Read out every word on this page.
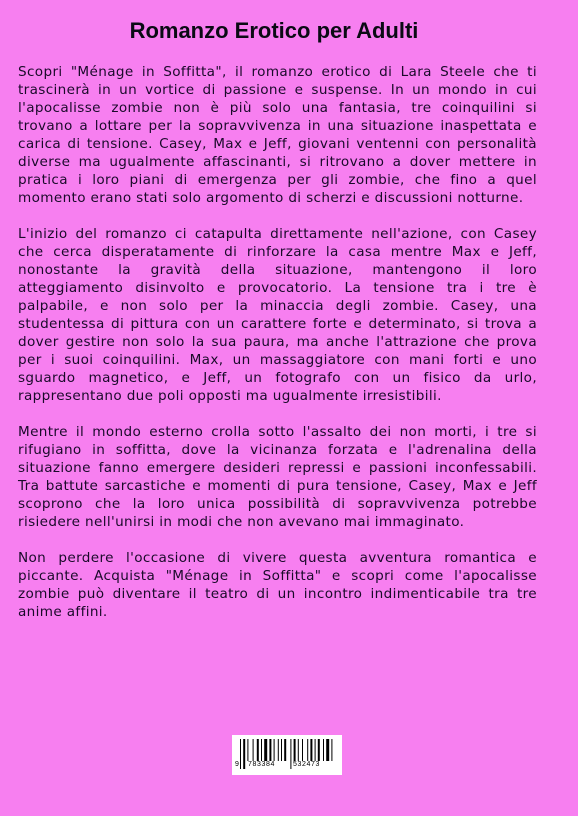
Romanzo Erotico per Adulti

Scopri "Ménage in Soffitta", il romanzo erotico di Lara Steele che ti trascinerà in un vortice di passione e suspense. In un mondo in cui l'apocalisse zombie non è più solo una fantasia, tre coinquilini si trovano a lottare per la sopravvivenza in una situazione inaspettata e carica di tensione. Casey, Max e Jeff, giovani ventenni con personalità diverse ma ugualmente affascinanti, si ritrovano a dover mettere in pratica i loro piani di emergenza per gli zombie, che fino a quel momento erano stati solo argomento di scherzi e discussioni notturne.

L'inizio del romanzo ci catapulta direttamente nell'azione, con Casey che cerca disperatamente di rinforzare la casa mentre Max e Jeff, nonostante la gravità della situazione, mantengono il loro atteggiamento disinvolto e provocatorio. La tensione tra i tre è palpabile, e non solo per la minaccia degli zombie. Casey, una studentessa di pittura con un carattere forte e determinato, si trova a dover gestire non solo la sua paura, ma anche l'attrazione che prova per i suoi coinquilini. Max, un massaggiatore con mani forti e uno sguardo magnetico, e Jeff, un fotografo con un fisico da urlo, rappresentano due poli opposti ma ugualmente irresistibili.

Mentre il mondo esterno crolla sotto l'assalto dei non morti, i tre si rifugiano in soffitta, dove la vicinanza forzata e l'adrenalina della situazione fanno emergere desideri repressi e passioni inconfessabili. Tra battute sarcastiche e momenti di pura tensione, Casey, Max e Jeff scoprono che la loro unica possibilità di sopravvivenza potrebbe risiedere nell'unirsi in modi che non avevano mai immaginato.

Non perdere l'occasione di vivere questa avventura romantica e piccante. Acquista "Ménage in Soffitta" e scopri come l'apocalisse zombie può diventare il teatro di un incontro indimenticabile tra tre anime affini.

9 783384	532473
